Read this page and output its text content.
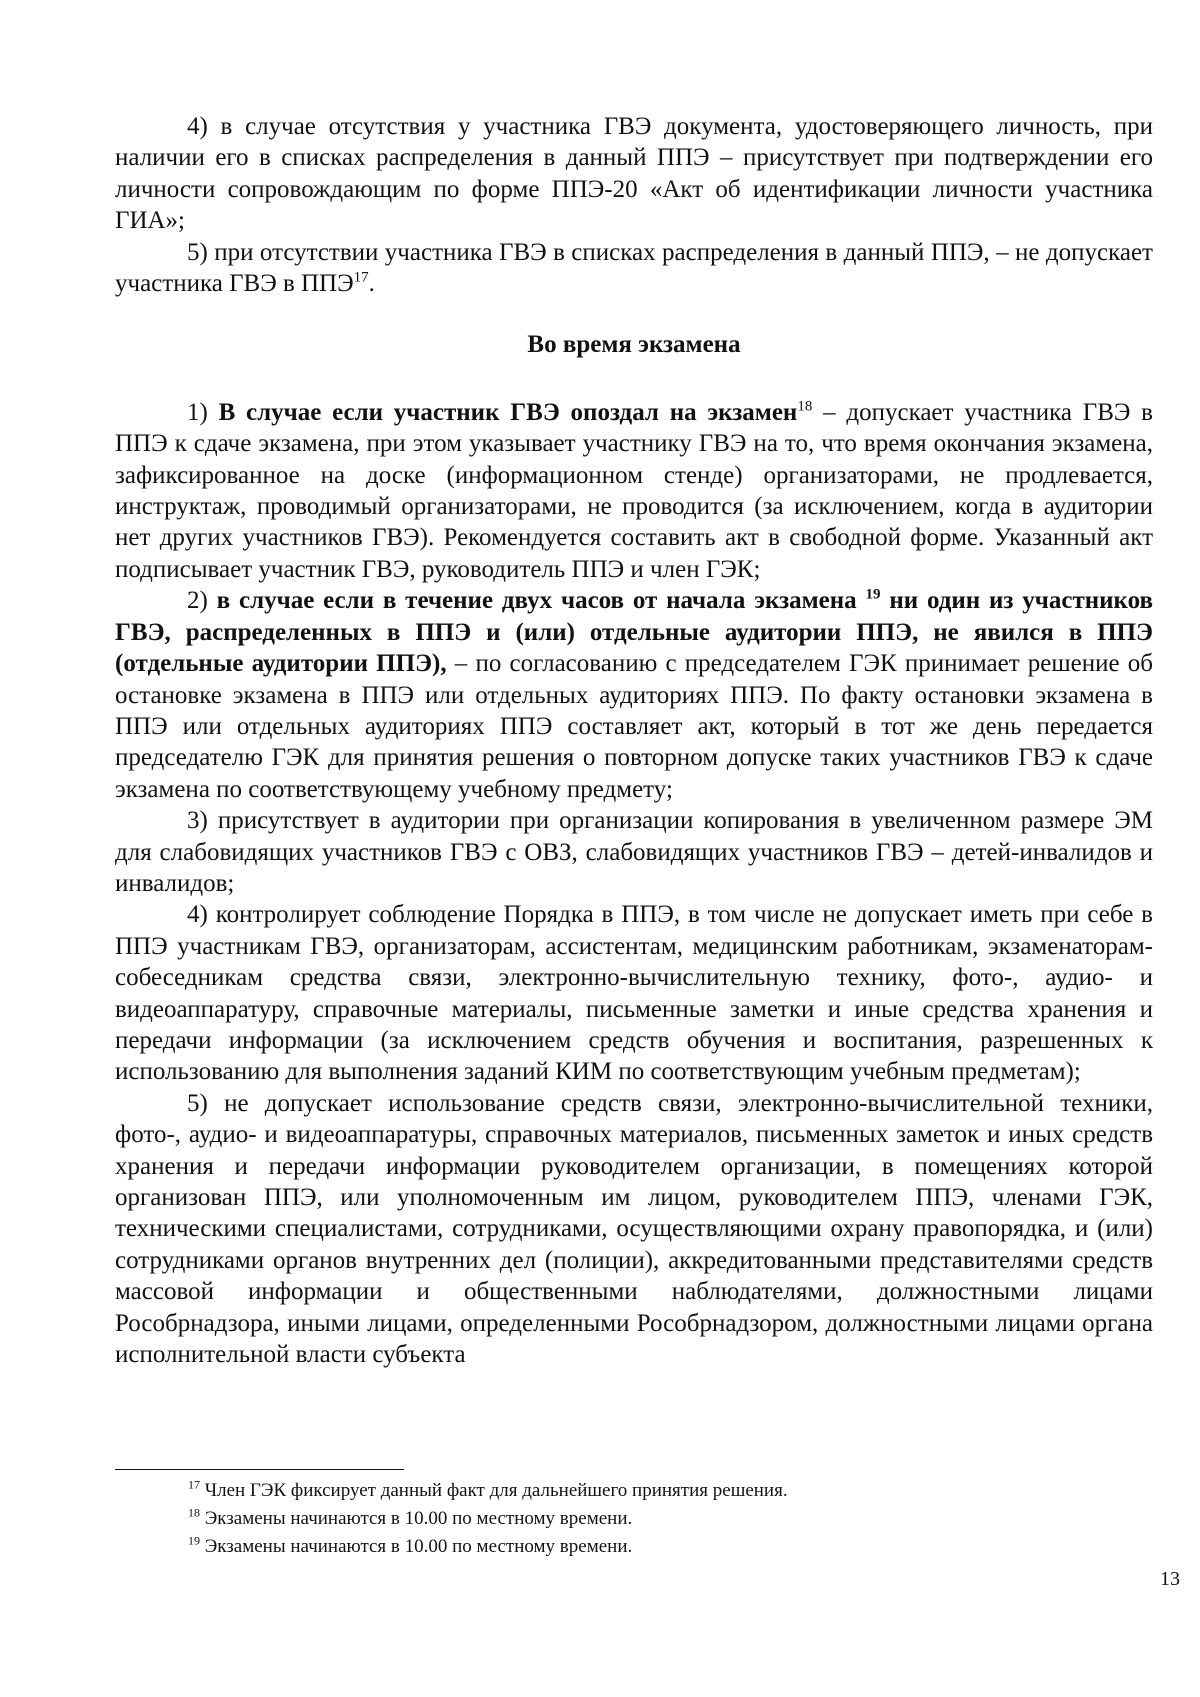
4) в случае отсутствия у участника ГВЭ документа, удостоверяющего личность, при наличии его в списках распределения в данный ППЭ – присутствует при подтверждении его личности сопровождающим по форме ППЭ-20 «Акт об идентификации личности участника ГИА»;

5) при отсутствии участника ГВЭ в списках распределения в данный ППЭ, – не допускает участника ГВЭ в ППЭ$^{17}$.

Во время экзамена

1) В случае если участник ГВЭ опоздал на экзамен$^{18}$ – допускает участника ГВЭ в ППЭ к сдаче экзамена, при этом указывает участнику ГВЭ на то, что время окончания экзамена, зафиксированное на доске (информационном стенде) организаторами, не продлевается, инструктаж, проводимый организаторами, не проводится (за исключением, когда в аудитории нет других участников ГВЭ). Рекомендуется составить акт в свободной форме. Указанный акт подписывает участник ГВЭ, руководитель ППЭ и член ГЭК;

2) в случае если в течение двух часов от начала экзамена $^{19}$ ни один из участников ГВЭ, распределенных в ППЭ и (или) отдельные аудитории ППЭ, не явился в ППЭ (отдельные аудитории ППЭ), – по согласованию с председателем ГЭК принимает решение об остановке экзамена в ППЭ или отдельных аудиториях ППЭ. По факту остановки экзамена в ППЭ или отдельных аудиториях ППЭ составляет акт, который в тот же день передается председателю ГЭК для принятия решения о повторном допуске таких участников ГВЭ к сдаче экзамена по соответствующему учебному предмету;

3) присутствует в аудитории при организации копирования в увеличенном размере ЭМ для слабовидящих участников ГВЭ с ОВЗ, слабовидящих участников ГВЭ – детей-инвалидов и инвалидов;

4) контролирует соблюдение Порядка в ППЭ, в том числе не допускает иметь при себе в ППЭ участникам ГВЭ, организаторам, ассистентам, медицинским работникам, экзаменаторам-собеседникам средства связи, электронно-вычислительную технику, фото-, аудио- и видеоаппаратуру, справочные материалы, письменные заметки и иные средства хранения и передачи информации (за исключением средств обучения и воспитания, разрешенных к использованию для выполнения заданий КИМ по соответствующим учебным предметам);

5) не допускает использование средств связи, электронно-вычислительной техники, фото-, аудио- и видеоаппаратуры, справочных материалов, письменных заметок и иных средств хранения и передачи информации руководителем организации, в помещениях которой организован ППЭ, или уполномоченным им лицом, руководителем ППЭ, членами ГЭК, техническими специалистами, сотрудниками, осуществляющими охрану правопорядка, и (или) сотрудниками органов внутренних дел (полиции), аккредитованными представителями средств массовой информации и общественными наблюдателями, должностными лицами Рособрнадзора, иными лицами, определенными Рособрнадзором, должностными лицами органа исполнительной власти субъекта

$^{17}$ Член ГЭК фиксирует данный факт для дальнейшего принятия решения.
$^{18}$ Экзамены начинаются в 10.00 по местному времени.
$^{19}$ Экзамены начинаются в 10.00 по местному времени.
13
